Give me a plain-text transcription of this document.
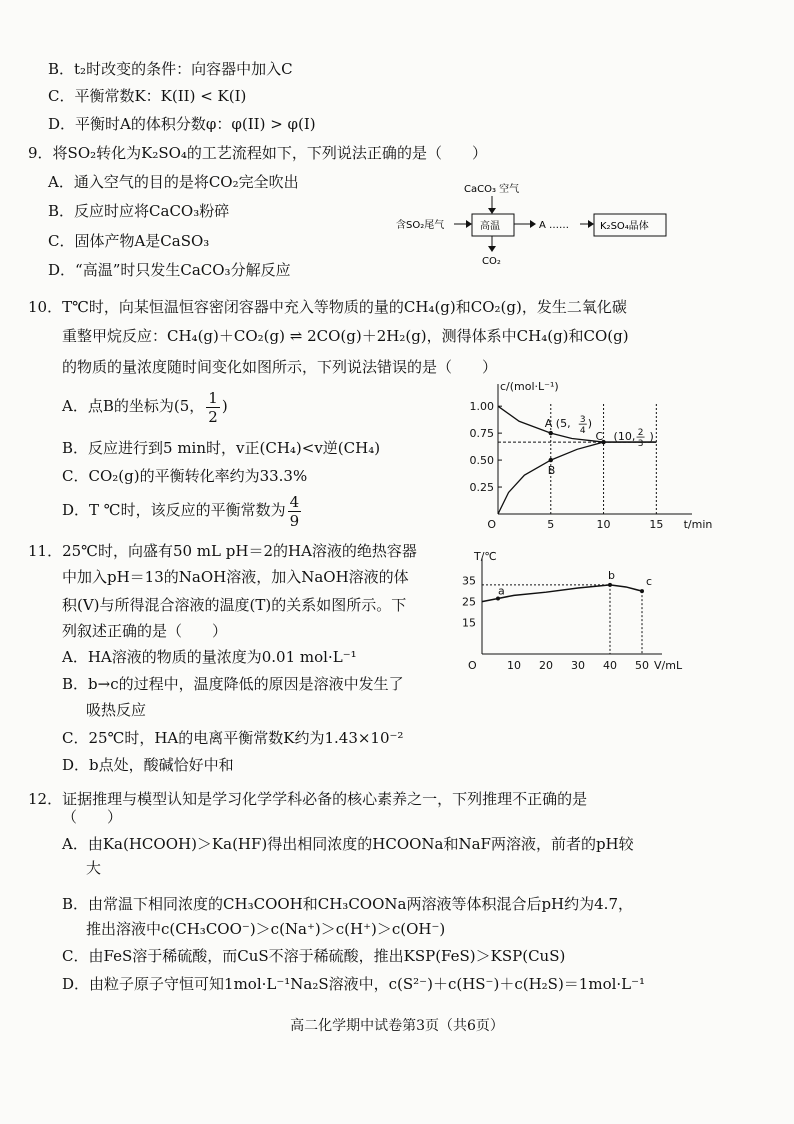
B．t₂时改变的条件：向容器中加入C
C．平衡常数K：K(II) < K(I)
D．平衡时A的体积分数φ：φ(II) > φ(I)
9．将SO₂转化为K₂SO₄的工艺流程如下，下列说法正确的是（　　）
A．通入空气的目的是将CO₂完全吹出
B．反应时应将CaCO₃粉碎
C．固体产物A是CaSO₃
D．“高温”时只发生CaCO₃分解反应
CaCO₃ 空气
含SO₂尾气	高温	A ……	K₂SO₄晶体
CO₂
10．T℃时，向某恒温恒容密闭容器中充入等物质的量的CH₄(g)和CO₂(g)，发生二氧化碳
重整甲烷反应：CH₄(g)＋CO₂(g) ⇌ 2CO(g)＋2H₂(g)，测得体系中CH₄(g)和CO(g)
的物质的量浓度随时间变化如图所示，下列说法错误的是（　　）
A．点B的坐标为(5， $\frac{1}{2}$ )
B．反应进行到5 min时，v正(CH₄)<v逆(CH₄)
C．CO₂(g)的平衡转化率约为33.3%
D．T ℃时，该反应的平衡常数为 $\frac{4}{9}$
c/(mol·L⁻¹)
t/min
O
1.00
0.75
0.50
0.25
5	10	15
A (5, 3
4
)
B
C (10, 2
3
)
11．25℃时，向盛有50 mL pH＝2的HA溶液的绝热容器
中加入pH＝13的NaOH溶液，加入NaOH溶液的体
积(V)与所得混合溶液的温度(T)的关系如图所示。下
列叙述正确的是（　　）
A．HA溶液的物质的量浓度为0.01 mol·L⁻¹
B．b→c的过程中，温度降低的原因是溶液中发生了
吸热反应
C．25℃时，HA的电离平衡常数K约为1.43×10⁻²
D．b点处，酸碱恰好中和
T/℃
O
35
25
15
10 20 30 40 50 V/mL
a
b	c
12．证据推理与模型认知是学习化学学科必备的核心素养之一，下列推理不正确的是
（　　）
A．由Ka(HCOOH)＞Ka(HF)得出相同浓度的HCOONa和NaF两溶液，前者的pH较
大
B．由常温下相同浓度的CH₃COOH和CH₃COONa两溶液等体积混合后pH约为4.7，
推出溶液中c(CH₃COO⁻)＞c(Na⁺)＞c(H⁺)＞c(OH⁻)
C．由FeS溶于稀硫酸，而CuS不溶于稀硫酸，推出KSP(FeS)＞KSP(CuS)
D．由粒子原子守恒可知1mol·L⁻¹Na₂S溶液中，c(S²⁻)＋c(HS⁻)＋c(H₂S)＝1mol·L⁻¹
高二化学期中试卷第3页（共6页）
